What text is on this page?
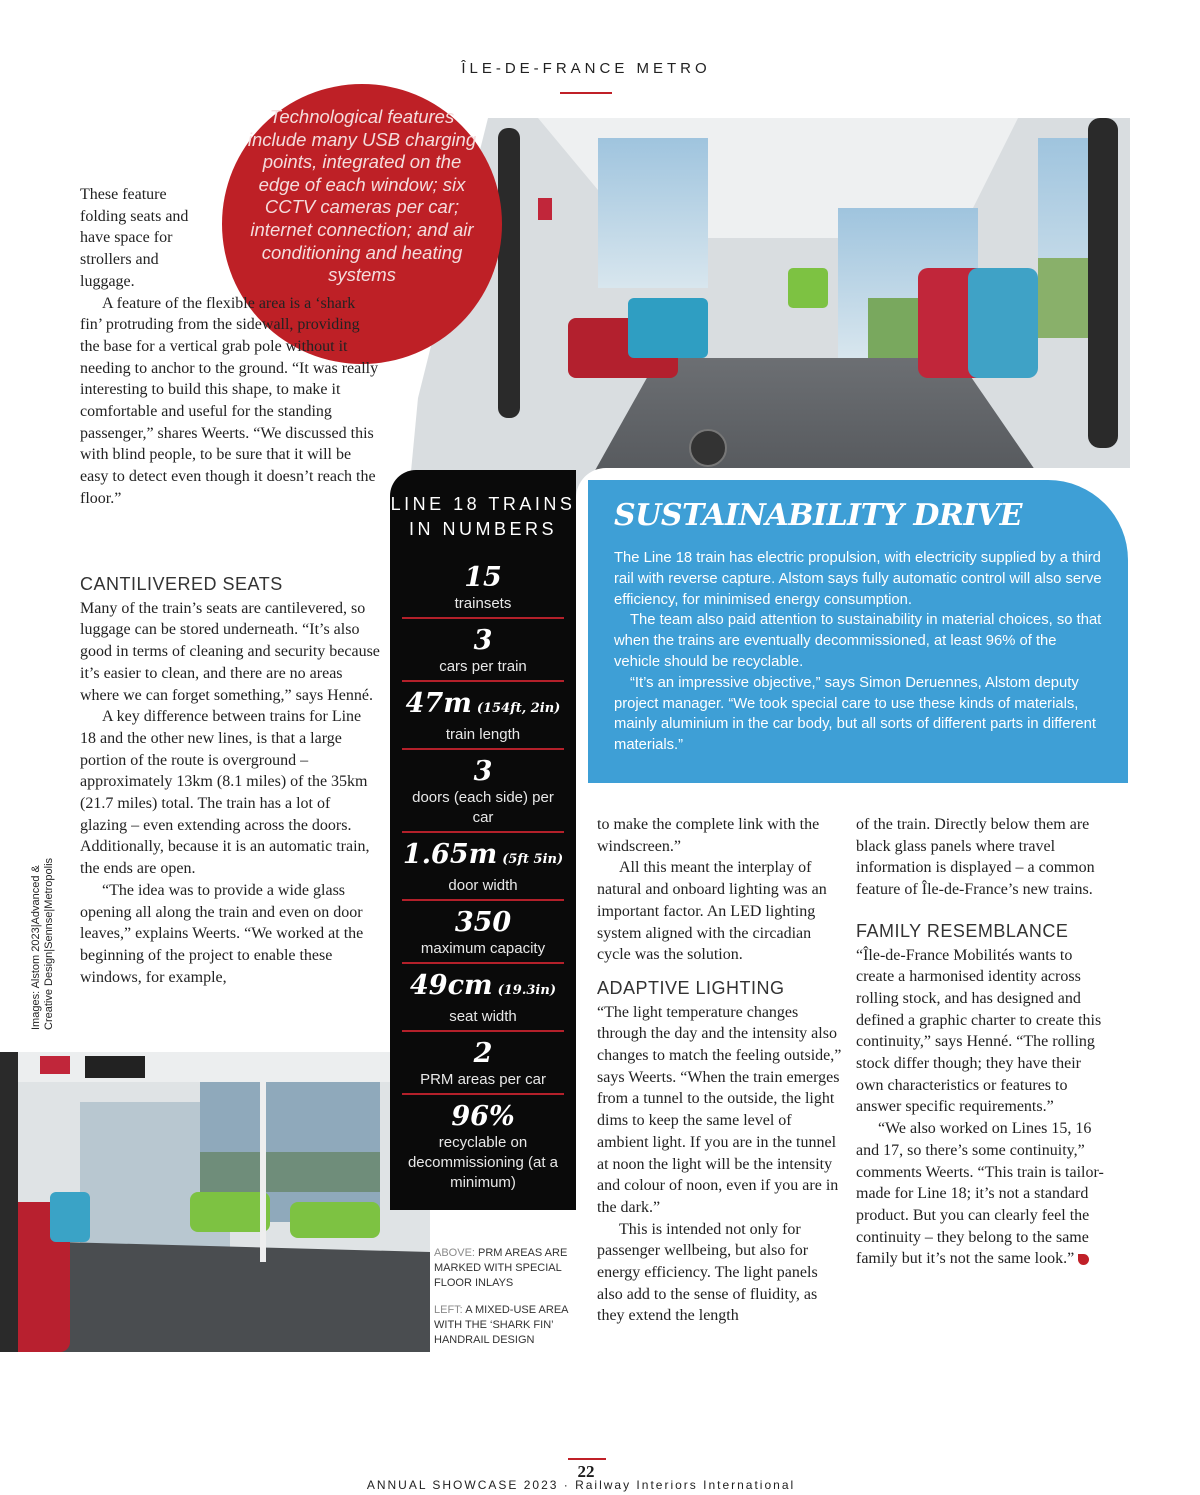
ÎLE-DE-FRANCE METRO
Technological features include many USB charging points, integrated on the edge of each window; six CCTV cameras per car; internet connection; and air conditioning and heating systems

These feature folding seats and have space for strollers and luggage.

A feature of the flexible area is a ‘shark fin’ protruding from the sidewall, providing the base for a vertical grab pole without it needing to anchor to the ground. “It was really interesting to build this shape, to make it comfortable and useful for the standing passenger,” shares Weerts. “We discussed this with blind people, to be sure that it will be easy to detect even though it doesn’t reach the floor.”

CANTILIVERED SEATS

Many of the train’s seats are cantilevered, so luggage can be stored underneath. “It’s also good in terms of cleaning and security because it’s easier to clean, and there are no areas where we can forget something,” says Henné.

A key difference between trains for Line 18 and the other new lines, is that a large portion of the route is overground – approximately 13km (8.1 miles) of the 35km (21.7 miles) total. The train has a lot of glazing – even extending across the doors. Additionally, because it is an automatic train, the ends are open.

“The idea was to provide a wide glass opening all along the train and even on door leaves,” explains Weerts. “We worked at the beginning of the project to enable these windows, for example,

Images: Alstom 2023|Advanced & Creative Design|Sennse|Metropolis
LINE 18 TRAINS IN NUMBERS
15
trainsets
3
cars per train
47m (154ft, 2in)
train length
3
doors (each side) per car
1.65m (5ft 5in)
door width
350
maximum capacity
49cm (19.3in)
seat width
2
PRM areas per car
96%
recyclable on decommissioning (at a minimum)
SUSTAINABILITY DRIVE

The Line 18 train has electric propulsion, with electricity supplied by a third rail with reverse capture. Alstom says fully automatic control will also serve efficiency, for minimised energy consumption.

The team also paid attention to sustainability in material choices, so that when the trains are eventually decommissioned, at least 96% of the vehicle should be recyclable.

“It’s an impressive objective,” says Simon Deruennes, Alstom deputy project manager. “We took special care to use these kinds of materials, mainly aluminium in the car body, but all sorts of different parts in different materials.”

to make the complete link with the windscreen.”

All this meant the interplay of natural and onboard lighting was an important factor. An LED lighting system aligned with the circadian cycle was the solution.

ADAPTIVE LIGHTING

“The light temperature changes through the day and the intensity also changes to match the feeling outside,” says Weerts. “When the train emerges from a tunnel to the outside, the light dims to keep the same level of ambient light. If you are in the tunnel at noon the light will be the intensity and colour of noon, even if you are in the dark.”

This is intended not only for passenger wellbeing, but also for energy efficiency. The light panels also add to the sense of fluidity, as they extend the length

of the train. Directly below them are black glass panels where travel information is displayed – a common feature of Île-de-France’s new trains.

FAMILY RESEMBLANCE

“Île-de-France Mobilités wants to create a harmonised identity across rolling stock, and has designed and defined a graphic charter to create this continuity,” says Henné. “The rolling stock differ though; they have their own characteristics or features to answer specific requirements.”

“We also worked on Lines 15, 16 and 17, so there’s some continuity,” comments Weerts. “This train is tailor-made for Line 18; it’s not a standard product. But you can clearly feel the continuity – they belong to the same family but it’s not the same look.”

ABOVE: PRM AREAS ARE MARKED WITH SPECIAL FLOOR INLAYS

LEFT: A MIXED-USE AREA WITH THE ‘SHARK FIN’ HANDRAIL DESIGN

22
ANNUAL SHOWCASE 2023 · Railway Interiors International
